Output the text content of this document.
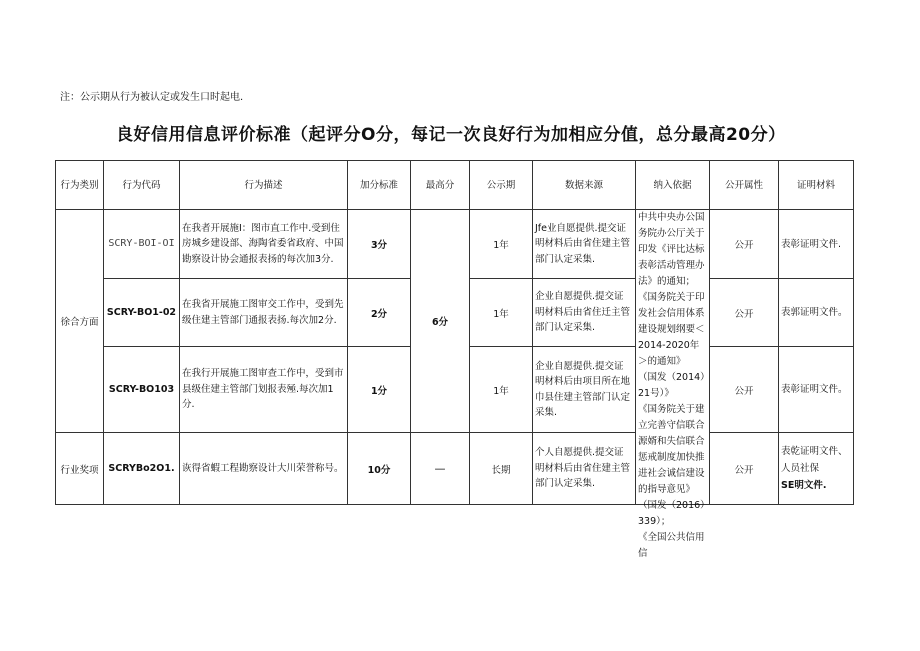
注：公示期从行为被认定或发生口时起电.
良好信用信息评价标准（起评分O分，每记一次良好行为加相应分值，总分最高20分）
行为类别	行为代码	行为描述	加分标准	最高分	公示期	数据来源	纳入依据	公开属性	证明材料
徐合方面	SCRY-BOI-OI	在我者开展施I：图市直工作中.受到住房城乡建设部、海陶省委省政府、中国勘察设计协会通报表扬的每次加3分.	3分	6分	1年	Jfe业自愿提供.提交证明材料后由省住建主管部门认定采集.	中共中央办公国务院办公厅关于印发《评比达标表彰活动管理办法》的通知；

《国务院关于印发社会信用体系建设规划纲要＜2014-2020年＞的通知》

（国发（2014）21号）》

《国务院关于建立完善守信联合源婿和失信联合惩戒制度加快推进社会诚信建设的指导意见》（国发（2016）339）；

《全国公共信用信	公开	表彰证明文件.
	SCRY-BO1-02	在我省开展施工图审交工作中，受到先级住建主管部门通报表扬.每次加2分.	2分		1年	企业自愿提供.提交证明材料后由省住迁主管部门认定采集.		公开	表郭证明文件。
	SCRY-BO103	在我行开展施工图审查工作中，受到市县级住建主管部门划报表殛.每次加1分.	1分		1年	企业自愿提供.提交证明材料后由项目所在地巾县住建主管部门认定采集.		公开	表彰证明文件。
行业奖项	SCRYBo2O1.	诙得省蝦工程勘察设计大川荣誉称号。	10分	—	长期	个人自愿提供.提交证明材料后由省住建主管部门认定采集.		公开	表乾证明文件、
人员社保
SE明文件.
